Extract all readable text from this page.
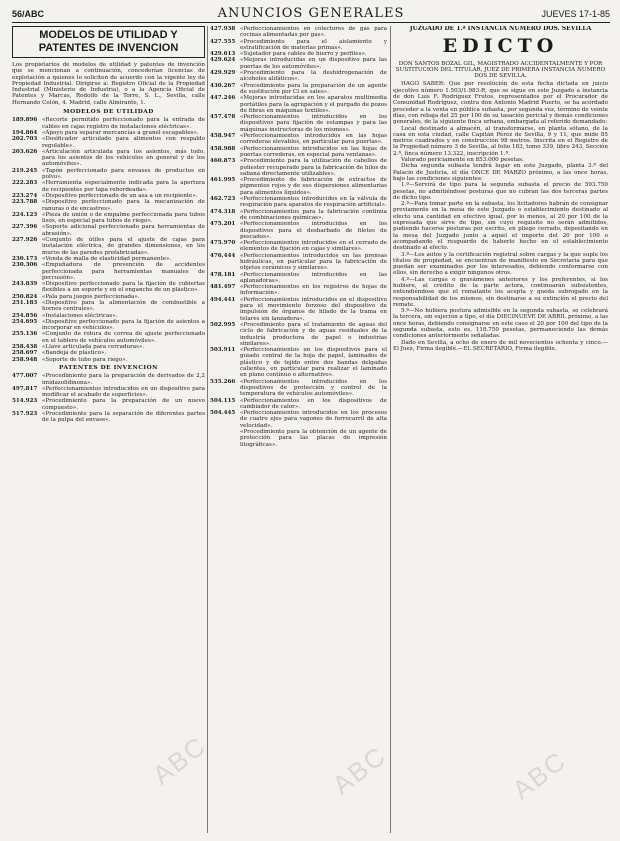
56/ABC	ANUNCIOS GENERALES	JUEVES 17-1-85
MODELOS DE UTILIDAD Y PATENTES DE INVENCION

Los propietarios de modelos de utilidad y patentes de invención que se mencionan a continuación, concederían licencias de explotación a quienes lo soliciten de acuerdo con la vigente ley de Propiedad Industrial. Dirigirse a: Registro Oficial de la Propiedad Industrial (Ministerio de Industria), o a la Agencia Oficial de Patentes y Marcas, Rodolfo de la Torre, S. L., Sevilla, calle Hernando Colón, 4. Madrid, calle Almirante, 1.

MODELOS DE UTILIDAD
189.896 «Recorte permitido perfeccionado para la entrada de cables en cajas registro de instalaciones eléctricas».
194.864 «Apoyo para separar mercancías a granel escapables».
202.703 «Dosificador articulado para alimentos con respaldo regulable».
203.626 «Articulación articulada para los asientos, más todo, para los asientos de los vehículos en general y de los automóviles».
219.245 «Tapón perfeccionado para envases de productos en polvo».
222.283 «Herramienta especialmente indicada para la apertura de recipientes por tapa rebordeada».
223.274 «Dispositivo perfeccionado de un asa a un recipiente».
223.788 «Dispositivo perfeccionado para la mecanización de ranuras o de encastres».
224.123 «Pieza de unión o de empalme perfeccionada para tubos lisos, en especial para tubos de riego».
227.396 «Soporte adicional perfeccionado para herramientas de abrasión».
227.926 «Conjunto de útiles para el ajuste de cajas para instalación eléctrica, de grandes dimensiones, en los muros de las paredes prefabricadas».
230.173 «Venda de malla de elasticidad permanente».
230.306 «Empuñadura de prevención de accidentes perfeccionada para herramientas manuales de percusión».
243.839 «Dispositivo perfeccionado para la fijación de cubiertas flexibles a un soporte y en el enganche de un plástico».
250.824 «Pala para juegos perfeccionada».
251.183 «Dispositivo para la alimentación de combustible a hornos centrales».
254.856 «Instalaciones eléctricas».
254.695 «Dispositivo perfeccionado para la fijación de asientos a incorporar en vehículos».
255.136 «Conjunto de rotura de correa de ajuste perfeccionado en el tablero de vehículos automóviles».
258.438 «Llave articulada para cerraduras».
258.697 «Bandeja de plástico».
258.948 «Soporte de tubo para riego».
PATENTES DE INVENCION
477.007 «Procedimiento para la preparación de derivados de 2,2 imidazolidinona».
497.817 «Perfeccionamientos introducidos en un dispositivo para modificar el acabado de superficies».
514.923 «Procedimiento para la preparación de un nuevo compuesto».
517.923 «Procedimiento para la separación de diferentes partes de la pulpa del envase».
427.938 «Perfeccionamientos en colectores de gas para cocinas alimentadas por gas».
427.555 «Procedimiento para el aislamiento y estratificación de materias primas».
429.613 «Sujetador para cables de hierro y perfiles».
429.624 «Mejoras introducidas en un dispositivo para las puertas de los automóviles».
429.929 «Procedimiento para la deshidrogenación de alcoholes alifáticos».
430.267 «Procedimiento para la preparación de un agente de sustitución por Cl en sales».
447.246 «Mejoras introducidas en los aparatos multimedia portátiles para la agrupación y el purgado de pozos de fibras en máquinas textiles».
457.478 «Perfeccionamientos introducidos en los dispositivos para fijación de estampas y para las máquinas instructoras de los mismos».
458.947 «Perfeccionamientos introducidos en las hojas correderas elevables, en particular para puertas».
458.988 «Perfeccionamientos introducidos en las hojas de puertas correderas, en especial para ventanas».
460.873 «Procedimiento para la utilización de cabellos de poliester recuperado para la fabricación de hilos de sabana directamente utilizables».
461.995 «Procedimiento de fabricación de extractos de pigmentos rojos y de sus dispersiones alimentarias para alimentos líquidos».
462.723 «Perfeccionamientos introducidos en la válvula de respiración para aparatos de respiración artificial».
474.318 «Perfeccionamientos para la fabricación continua de combinaciones químicas».
475.201 «Perfeccionamientos introducidos en los dispositivos para el desbarbado de filetes de pescados».
475.970 «Perfeccionamientos introducidos en el cerrado de elementos de fijación en cajas y similares».
476.444 «Perfeccionamientos introducidos en las prensas hidráulicas, en particular para la fabricación de objetos cerámicos y similares».
478.181 «Perfeccionamientos introducidos en las aplanadoras».
481.497 «Perfeccionamientos en los registros de hojas de información».
494.441 «Perfeccionamientos introducidos en el dispositivo para el movimiento forzoso del dispositivo de impulsión de órganos de hilado de la trama en telares sin lanzadera».
502.995 «Procedimiento para el tratamiento de aguas del ciclo de fabricación y de aguas residuales de la industria productora de papel o industrias similares».
503.911 «Perfeccionamientos en los dispositivos para el guiado central de la hoja de papel, laminados de plástico y de tejido entre dos bandas delgadas calientes, en particular para realizar el laminado en plano continuo o alternativo».
535.266 «Perfeccionamientos introducidos en los dispositivos de protección y control de la temperatura de vehículos automóviles».
504.115 «Perfeccionamientos en los dispositivos de cambiador de calor».
504.445 «Perfeccionamientos introducidos en los procesos de cuatro ejes para vagones de ferrocarril de alta velocidad».
«Procedimiento para la obtención de un agente de protección para las placas de impresión litográficas».
JUZGADO DE 1.ª INSTANCIA NUMERO DOS. SEVILLA
EDICTO
DON SANTOS BOZAL GIL, MAGISTRADO ACCIDENTALMENTE Y POR SUSTITUCION DEL TITULAR, JUEZ DE PRIMERA INSTANCIA NUMERO DOS DE SEVILLA.

HAGO SABER: Que por resolución de esta fecha dictada en juicio ejecutivo número 1.503/1.983-R, que se sigue en este Juzgado a instancia de don Luis F. Rodríguez Frutos, representados por el Procurador de Comunidad Rodríguez, contra don Antonio Madrid Puerto, se ha acordado proceder a la venta en pública subasta, por segunda vez, término de veinte días, con rebaja del 25 por 100 de su tasación pericial y demás condiciones generales, de la siguiente finca urbana, embargada al referido demandado:

Local destinado a almacén, al transformarse, en planta sótano, de la casa en esta ciudad, calle Capitán Pérez de Sevilla, 9 y 11, que mide 85 metros cuadrados y en construcción 98 metros. Inscrita en el Registro de la Propiedad número 3 de Sevilla, al folio 183, tomo 339, libro 243, Sección 2.ª, finca número 13.322, inscripción 1.ª.

Valorado periciamente en 853.000 pesetas.

Dicha segunda subasta tendrá lugar en este Juzgado, planta 3.ª del Palacio de Justicia, el día ONCE DE MARZO próximo, a las once horas, bajo las condiciones siguientes:

1.º—Servirá de tipo para la segunda subasta el precio de 593.750 pesetas, no admitiéndose posturas que no cubran las dos terceras partes de dicho tipo.

2.º—Para tomar parte en la subasta, los licitadores habrán de consignar previamente en la mesa de este Juzgado o establecimiento destinado al efecto una cantidad en efectivo igual, por lo menos, al 20 por 100 de la expresada que sirve de tipo, sin cuyo requisito no serán admitidos, pudiendo hacerse posturas por escrito, en pliego cerrado, depositando en la mesa del Juzgado junto a aquel el importe del 20 por 100 o acompañando el resguardo de haberlo hecho en el establecimiento destinado al efecto.

3.º—Los autos y la certificación registral sobre cargas y la que suple los títulos de propiedad, se encuentran de manifiesto en Secretaría para que puedan ser examinados por los interesados, debiendo conformarse con ellos, sin derecho a exigir ningunos otros.

4.º—Las cargas o gravámenes anteriores y los preferentes, si los hubiere, al crédito de la parte actora, continuarán subsistentes, entendiéndose que el rematante los acepta y queda subrogado en la responsabilidad de los mismos, sin destinarse a su extinción el precio del remate.

5.º—No hubiera postura admisible en la segunda subasta, se celebrará la tercera, sin sujeción a tipo, el día DIECINUEVE DE ABRIL próximo, a las once horas, debiendo consignarse en este caso el 20 por 100 del tipo de la segunda subasta, esto es, 118.750 pesetas, permaneciendo las demás condiciones anteriormente señaladas.

Dado en Sevilla, a ocho de enero de mil novecientos ochenta y cinco.—El Juez, Firma ilegible.—EL SECRETARIO, Firma ilegible.

ABC	ABC	ABC
